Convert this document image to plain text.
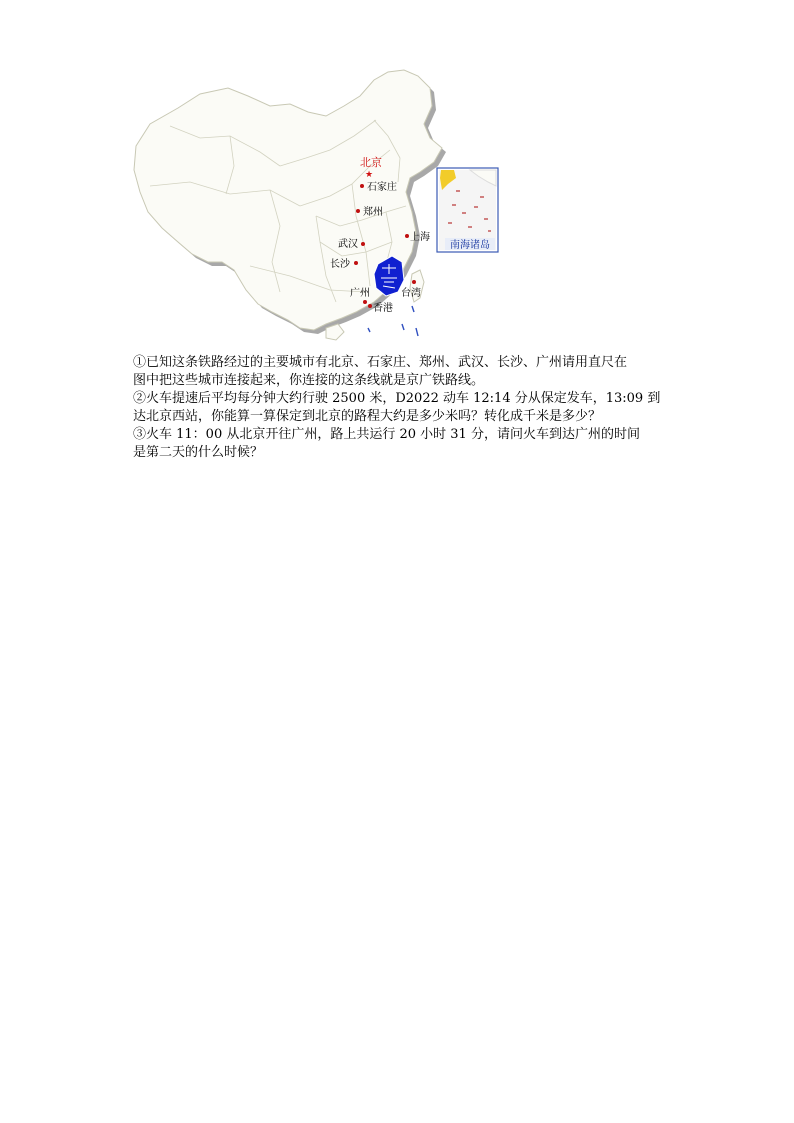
南海诸岛
北京
★
石家庄
郑州
武汉
上海
长沙
广州
香港
台湾

①已知这条铁路经过的主要城市有北京、石家庄、郑州、武汉、长沙、广州请用直尺在

图中把这些城市连接起来，你连接的这条线就是京广铁路线。

②火车提速后平均每分钟大约行驶 2500 米，D2022 动车 12:14 分从保定发车，13:09 到

达北京西站，你能算一算保定到北京的路程大约是多少米吗？转化成千米是多少？

③火车 11：00 从北京开往广州，路上共运行 20 小时 31 分，请问火车到达广州的时间

是第二天的什么时候？
